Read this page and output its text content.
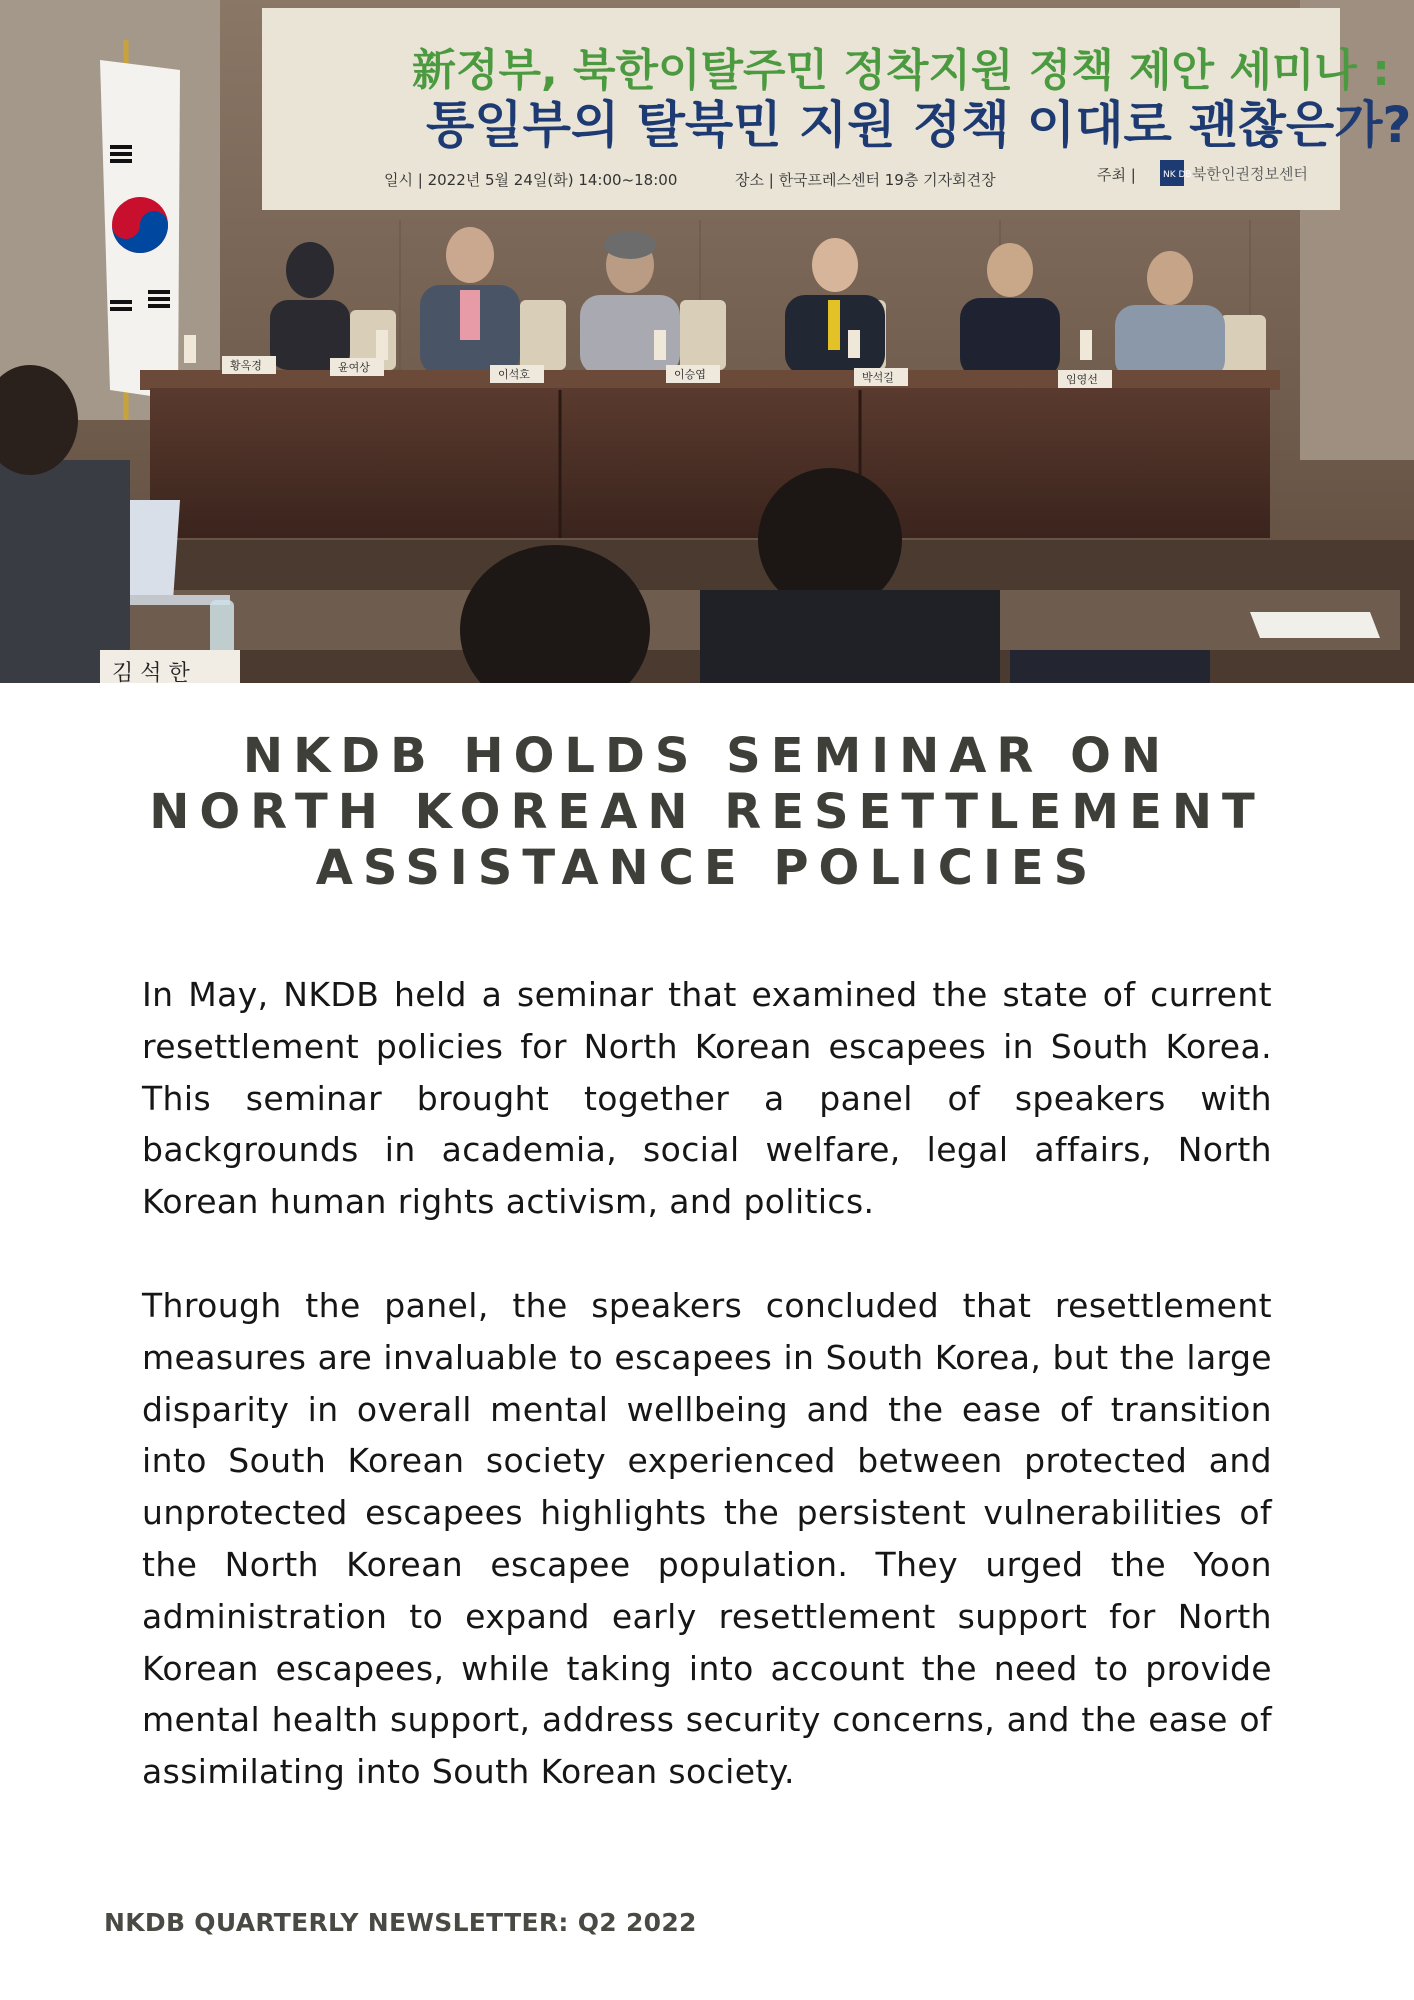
新정부, 북한이탈주민 정착지원 정책 제안 세미나 :
통일부의 탈북민 지원 정책 이대로 괜찮은가?
일시 | 2022년 5월 24일(화) 14:00~18:00	장소 | 한국프레스센터 19층 기자회견장	주최 |	NK DB 북한인권정보센터
황옥경	윤여상
이석호	이승엽	박석길	임영선
김 석 한
NKDB HOLDS SEMINAR ON
NORTH KOREAN RESETTLEMENT
ASSISTANCE POLICIES

In May, NKDB held a seminar that examined the state of current resettlement policies for North Korean escapees in South Korea. This seminar brought together a panel of speakers with backgrounds in academia, social welfare, legal affairs, North Korean human rights activism, and politics.

Through the panel, the speakers concluded that resettlement measures are invaluable to escapees in South Korea, but the large disparity in overall mental wellbeing and the ease of transition into South Korean society experienced between protected and unprotected escapees highlights the persistent vulnerabilities of the North Korean escapee population. They urged the Yoon administration to expand early resettlement support for North Korean escapees, while taking into account the need to provide mental health support, address security concerns, and the ease of assimilating into South Korean society.

NKDB QUARTERLY NEWSLETTER: Q2 2022
